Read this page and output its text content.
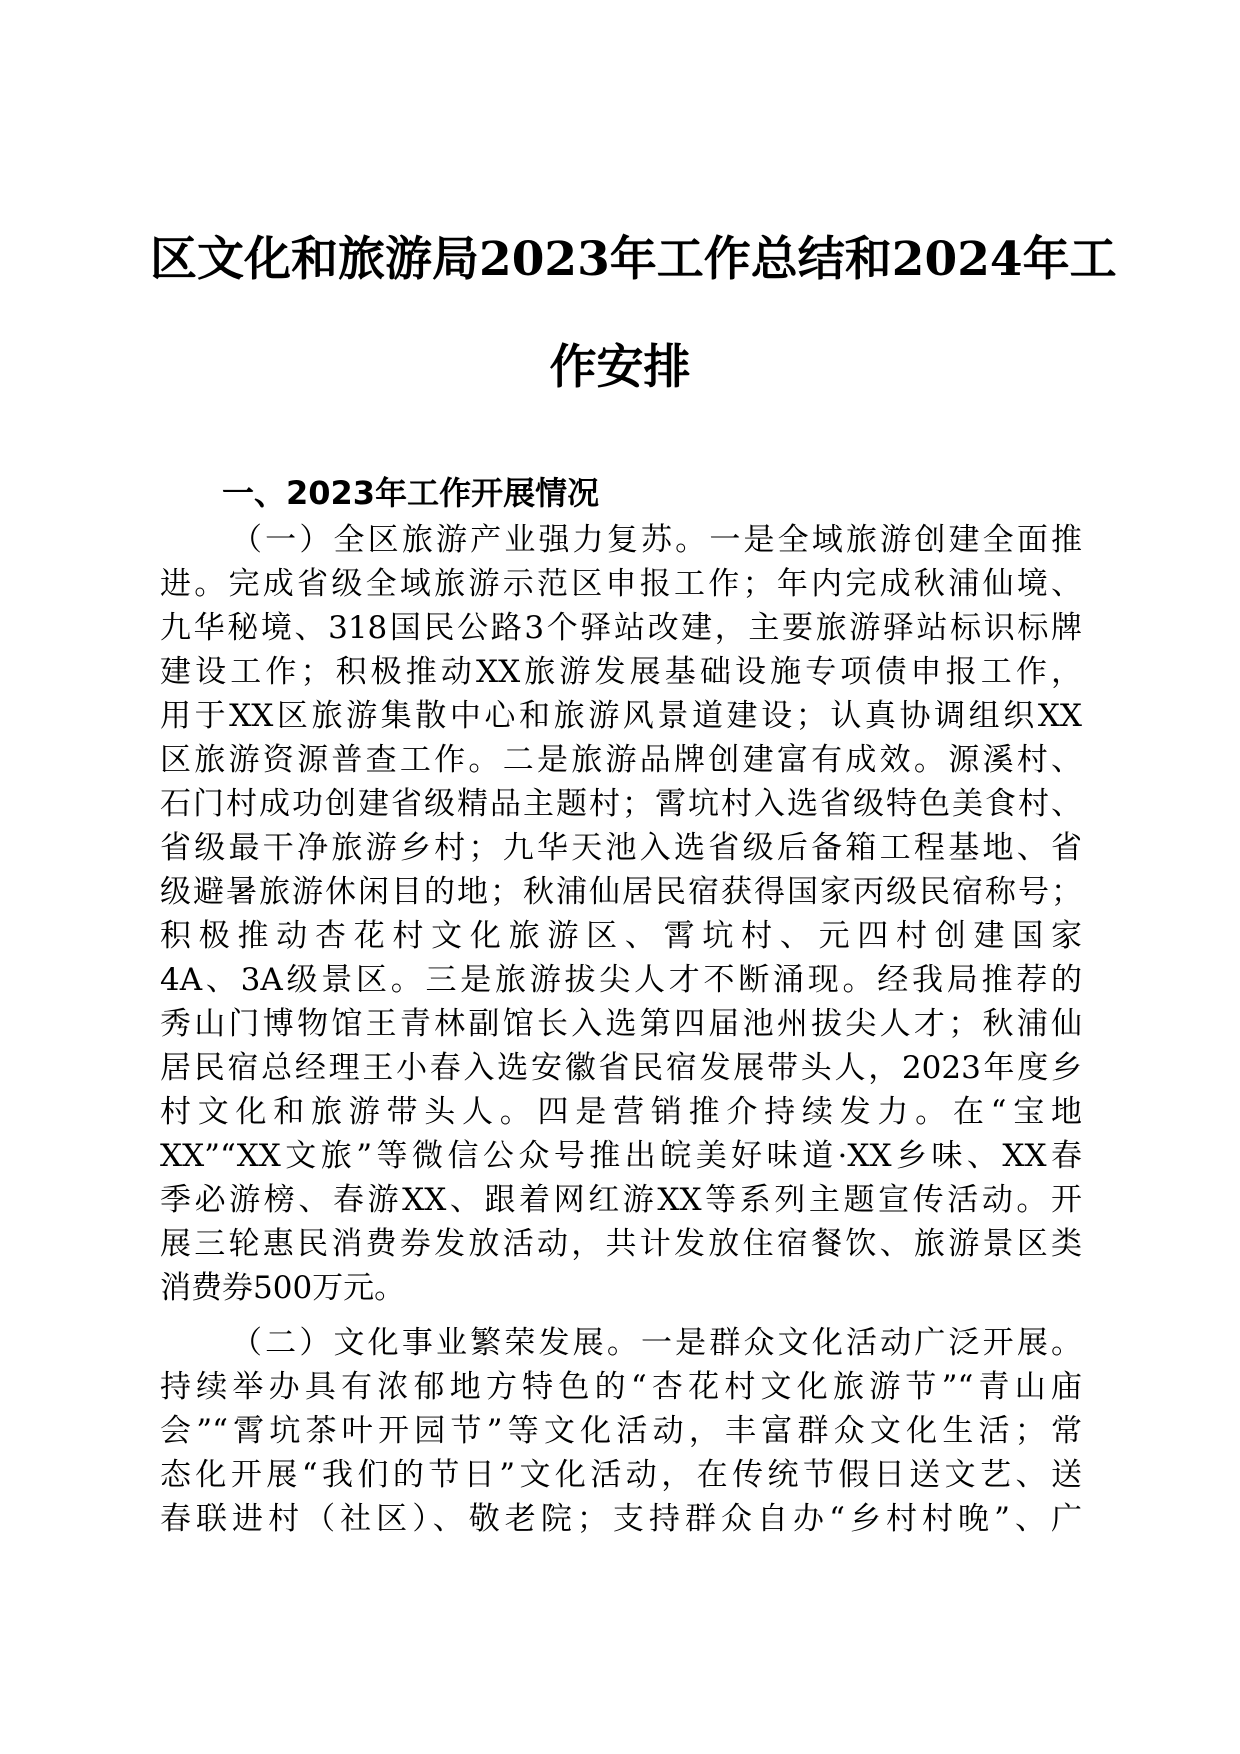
区文化和旅游局2023年工作总结和2024年工
作安排
一、2023年工作开展情况
（一）全区旅游产业强力复苏。一是全域旅游创建全面推
进。完成省级全域旅游示范区申报工作；年内完成秋浦仙境、
九华秘境、318国民公路3个驿站改建，主要旅游驿站标识标牌
建设工作；积极推动XX旅游发展基础设施专项债申报工作，
用于XX区旅游集散中心和旅游风景道建设；认真协调组织XX
区旅游资源普查工作。二是旅游品牌创建富有成效。源溪村、
石门村成功创建省级精品主题村；霄坑村入选省级特色美食村、
省级最干净旅游乡村；九华天池入选省级后备箱工程基地、省
级避暑旅游休闲目的地；秋浦仙居民宿获得国家丙级民宿称号；
积极推动杏花村文化旅游区、霄坑村、元四村创建国家
4A、3A级景区。三是旅游拔尖人才不断涌现。经我局推荐的
秀山门博物馆王青林副馆长入选第四届池州拔尖人才；秋浦仙
居民宿总经理王小春入选安徽省民宿发展带头人，2023年度乡
村文化和旅游带头人。四是营销推介持续发力。在“宝地
XX”“XX文旅”等微信公众号推出皖美好味道·XX乡味、XX春
季必游榜、春游XX、跟着网红游XX等系列主题宣传活动。开
展三轮惠民消费券发放活动，共计发放住宿餐饮、旅游景区类
消费券500万元。
（二）文化事业繁荣发展。一是群众文化活动广泛开展。
持续举办具有浓郁地方特色的“杏花村文化旅游节”“青山庙
会”“霄坑茶叶开园节”等文化活动，丰富群众文化生活；常
态化开展“我们的节日”文化活动，在传统节假日送文艺、送
春联进村（社区）、敬老院；支持群众自办“乡村村晚”、广
